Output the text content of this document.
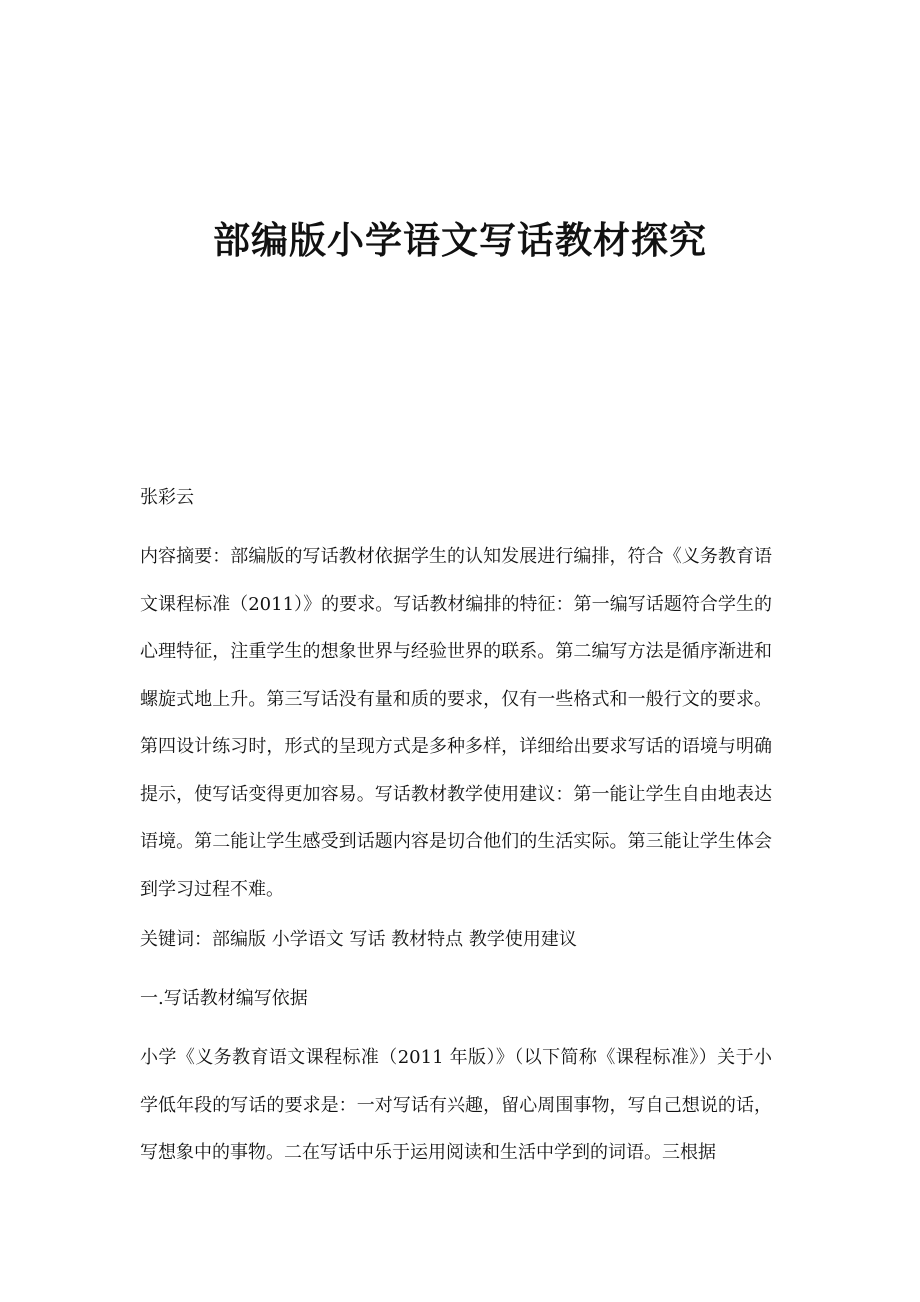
部编版小学语文写话教材探究

张彩云

内容摘要：部编版的写话教材依据学生的认知发展进行编排，符合《义务教育语文课程标准（2011）》的要求。写话教材编排的特征：第一编写话题符合学生的心理特征，注重学生的想象世界与经验世界的联系。第二编写方法是循序渐进和螺旋式地上升。第三写话没有量和质的要求，仅有一些格式和一般行文的要求。第四设计练习时，形式的呈现方式是多种多样，详细给出要求写话的语境与明确提示，使写话变得更加容易。写话教材教学使用建议：第一能让学生自由地表达语境。第二能让学生感受到话题内容是切合他们的生活实际。第三能让学生体会到学习过程不难。

关键词：部编版 小学语文 写话 教材特点 教学使用建议

一.写话教材编写依据

小学《义务教育语文课程标准（2011 年版）》（以下简称《课程标准》）关于小学低年段的写话的要求是：一对写话有兴趣，留心周围事物，写自己想说的话，写想象中的事物。二在写话中乐于运用阅读和生活中学到的词语。三根据
